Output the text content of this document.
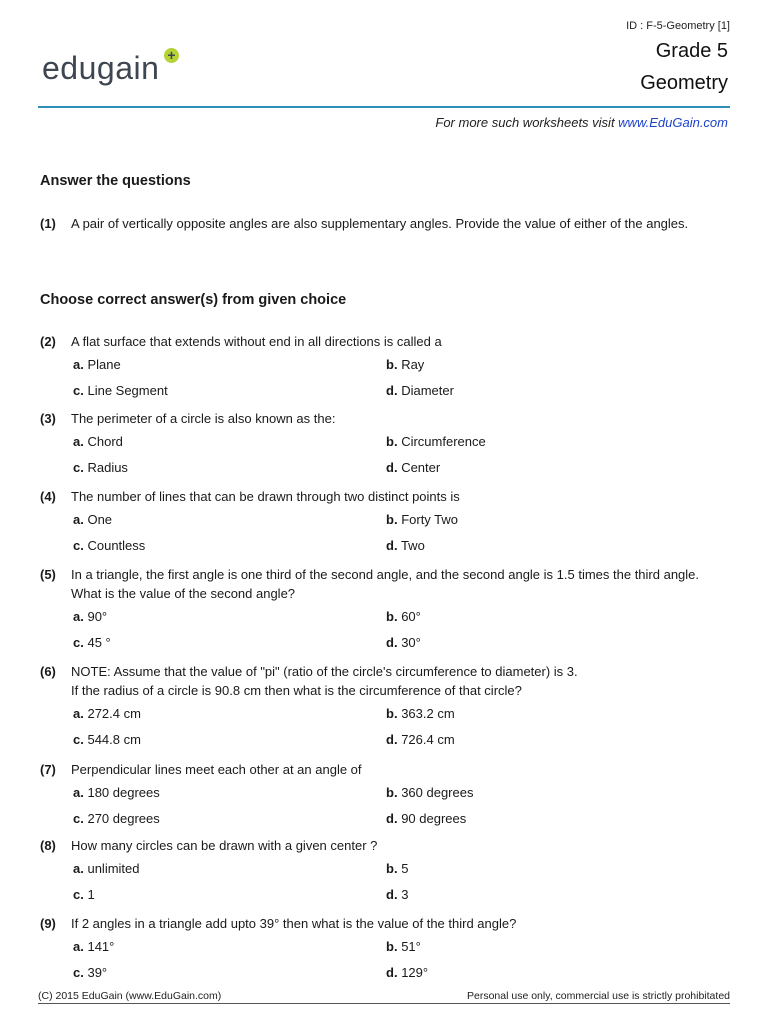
ID : F-5-Geometry [1]
Grade 5
Geometry
edugain +
For more such worksheets visit www.EduGain.com
Answer the questions
(1) A pair of vertically opposite angles are also supplementary angles. Provide the value of either of the angles.
Choose correct answer(s) from given choice
(2) A flat surface that extends without end in all directions is called a
(3) The perimeter of a circle is also known as the:
(4) The number of lines that can be drawn through two distinct points is
(5) In a triangle, the first angle is one third of the second angle, and the second angle is 1.5 times the third angle. What is the value of the second angle?
(6) NOTE: Assume that the value of "pi" (ratio of the circle's circumference to diameter) is 3.
If the radius of a circle is 90.8 cm then what is the circumference of that circle?
(7) Perpendicular lines meet each other at an angle of
(8) How many circles can be drawn with a given center ?
(9) If 2 angles in a triangle add upto 39° then what is the value of the third angle?
(C) 2015 EduGain (www.EduGain.com)	Personal use only, commercial use is strictly prohibitated
a. Plane	b. Ray
c. Line Segment	d. Diameter
a. Chord	b. Circumference
c. Radius	d. Center
a. One	b. Forty Two
c. Countless	d. Two
a. 90°	b. 60°
c. 45 °	d. 30°
a. 272.4 cm	b. 363.2 cm
c. 544.8 cm	d. 726.4 cm
a. 180 degrees	b. 360 degrees
c. 270 degrees	d. 90 degrees
a. unlimited	b. 5
c. 1	d. 3
a. 141°	b. 51°
c. 39°	d. 129°
